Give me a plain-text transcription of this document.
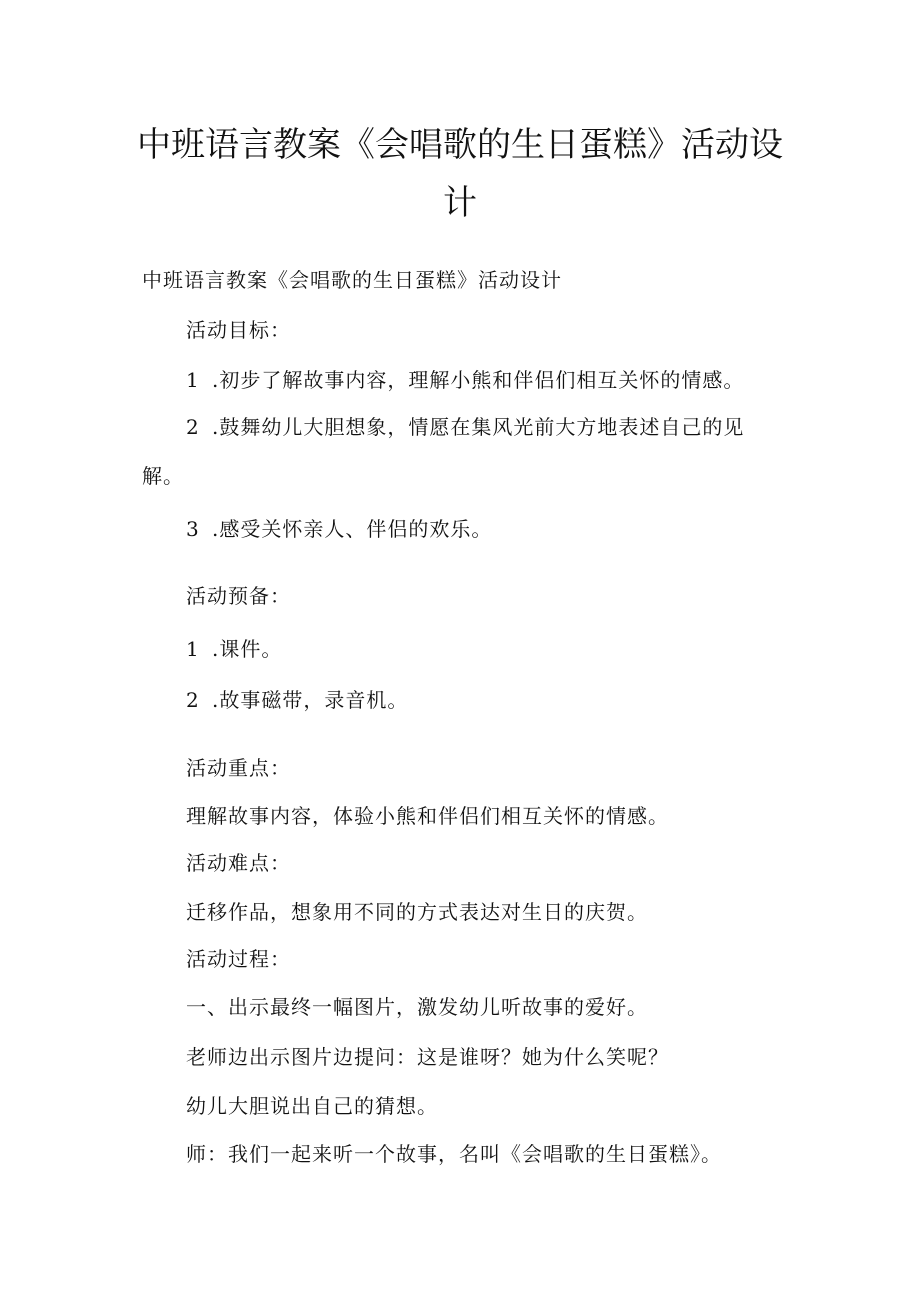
中班语言教案《会唱歌的生日蛋糕》活动设
计
中班语言教案《会唱歌的生日蛋糕》活动设计
活动目标：
1 .初步了解故事内容，理解小熊和伴侣们相互关怀的情感。
2 .鼓舞幼儿大胆想象，情愿在集风光前大方地表述自己的见
解。
3 .感受关怀亲人、伴侣的欢乐。
活动预备：
1 .课件。
2 .故事磁带，录音机。
活动重点：
理解故事内容，体验小熊和伴侣们相互关怀的情感。
活动难点：
迁移作品，想象用不同的方式表达对生日的庆贺。
活动过程：
一、出示最终一幅图片，激发幼儿听故事的爱好。
老师边出示图片边提问：这是谁呀？她为什么笑呢？
幼儿大胆说出自己的猜想。
师：我们一起来听一个故事，名叫《会唱歌的生日蛋糕》。
